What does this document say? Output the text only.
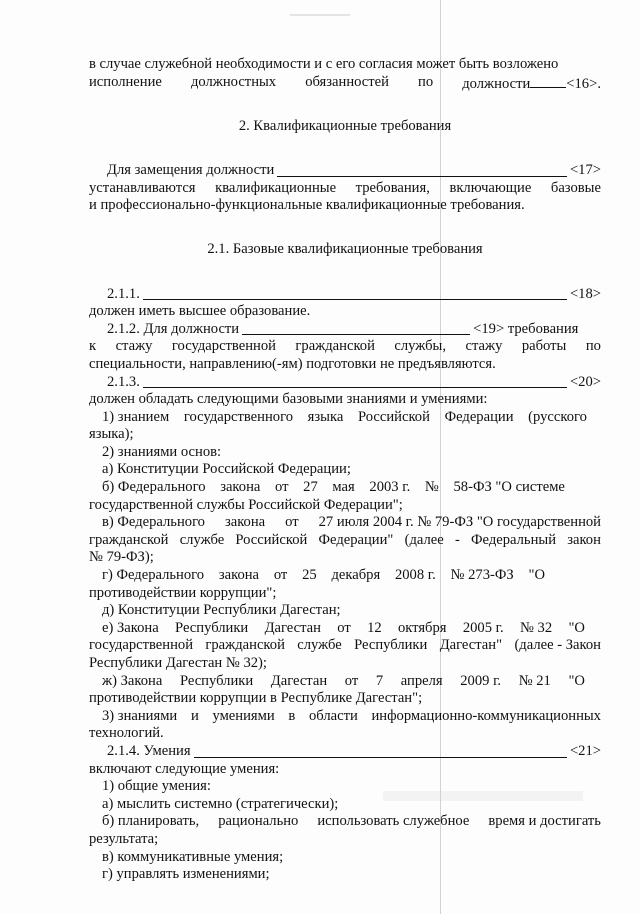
в случае служебной необходимости и с его согласия может быть возложено
исполнение должностных обязанностей по должности <16>.
2. Квалификационные требования
Для замещения должности	<17>
устанавливаются квалификационные требования, включающие базовые
и профессионально-функциональные квалификационные требования.
2.1. Базовые квалификационные требования
2.1.1.	<18>
должен иметь высшее образование.
2.1.2. Для должности	<19> требования
к стажу государственной гражданской службы, стажу работы по
специальности, направлению(-ям) подготовки не предъявляются.
2.1.3.	<20>
должен обладать следующими базовыми знаниями и умениями:
1) знанием государственного языка Российской Федерации (русского
языка);
2) знаниями основ:
а) Конституции Российской Федерации;
б) Федерального закона от 27 мая 2003 г. № 58-ФЗ "О системе
государственной службы Российской Федерации";
в) Федерального закона от 27 июля 2004 г. № 79-ФЗ "О государственной
гражданской службе Российской Федерации" (далее - Федеральный закон
№ 79-ФЗ);
г) Федерального закона от 25 декабря 2008 г. № 273-ФЗ "О
противодействии коррупции";
д) Конституции Республики Дагестан;
е) Закона Республики Дагестан от 12 октября 2005 г. № 32 "О
государственной гражданской службе Республики Дагестан" (далее - Закон
Республики Дагестан № 32);
ж) Закона Республики Дагестан от 7 апреля 2009 г. № 21 "О
противодействии коррупции в Республике Дагестан";
3) знаниями и умениями в области информационно-коммуникационных
технологий.
2.1.4. Умения	<21>
включают следующие умения:
1) общие умения:
а) мыслить системно (стратегически);
б) планировать, рационально использовать служебное время и достигать
результата;
в) коммуникативные умения;
г) управлять изменениями;
